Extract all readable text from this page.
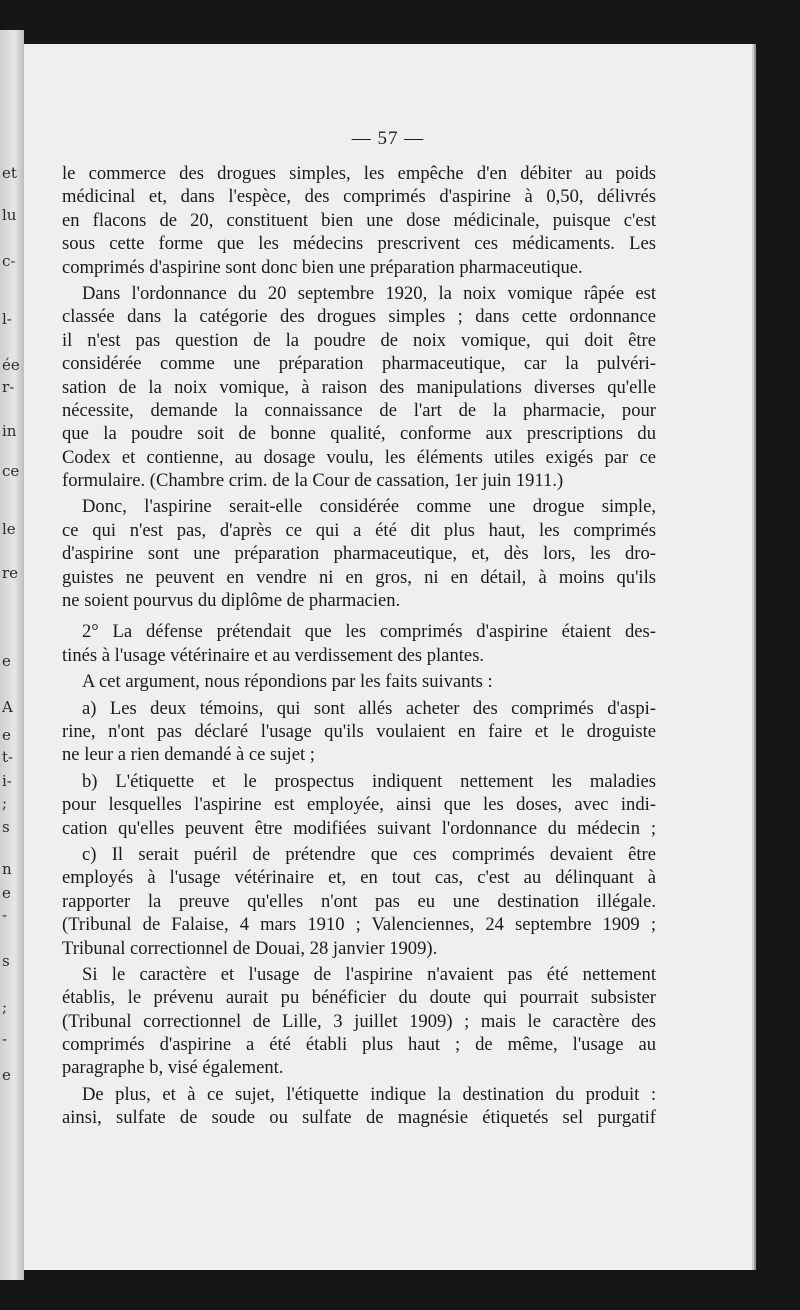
et
lu
c-
l-
ée
r-
in
ce
le
re
e
A
e
t-
i-
;
s
n
e
-
s
;
-
e
— 57 —
le commerce des drogues simples, les empêche d'en débiter au poids
médicinal et, dans l'espèce, des comprimés d'aspirine à 0,50, délivrés
en flacons de 20, constituent bien une dose médicinale, puisque c'est
sous cette forme que les médecins prescrivent ces médicaments. Les
comprimés d'aspirine sont donc bien une préparation pharmaceutique.
Dans l'ordonnance du 20 septembre 1920, la noix vomique râpée est
classée dans la catégorie des drogues simples ; dans cette ordonnance
il n'est pas question de la poudre de noix vomique, qui doit être
considérée comme une préparation pharmaceutique, car la pulvéri-
sation de la noix vomique, à raison des manipulations diverses qu'elle
nécessite, demande la connaissance de l'art de la pharmacie, pour
que la poudre soit de bonne qualité, conforme aux prescriptions du
Codex et contienne, au dosage voulu, les éléments utiles exigés par ce
formulaire. (Chambre crim. de la Cour de cassation, 1er juin 1911.)
Donc, l'aspirine serait-elle considérée comme une drogue simple,
ce qui n'est pas, d'après ce qui a été dit plus haut, les comprimés
d'aspirine sont une préparation pharmaceutique, et, dès lors, les dro-
guistes ne peuvent en vendre ni en gros, ni en détail, à moins qu'ils
ne soient pourvus du diplôme de pharmacien.
2° La défense prétendait que les comprimés d'aspirine étaient des-
tinés à l'usage vétérinaire et au verdissement des plantes.
A cet argument, nous répondions par les faits suivants :
a) Les deux témoins, qui sont allés acheter des comprimés d'aspi-
rine, n'ont pas déclaré l'usage qu'ils voulaient en faire et le droguiste
ne leur a rien demandé à ce sujet ;
b) L'étiquette et le prospectus indiquent nettement les maladies
pour lesquelles l'aspirine est employée, ainsi que les doses, avec indi-
cation qu'elles peuvent être modifiées suivant l'ordonnance du médecin ;
c) Il serait puéril de prétendre que ces comprimés devaient être
employés à l'usage vétérinaire et, en tout cas, c'est au délinquant à
rapporter la preuve qu'elles n'ont pas eu une destination illégale.
(Tribunal de Falaise, 4 mars 1910 ; Valenciennes, 24 septembre 1909 ;
Tribunal correctionnel de Douai, 28 janvier 1909).
Si le caractère et l'usage de l'aspirine n'avaient pas été nettement
établis, le prévenu aurait pu bénéficier du doute qui pourrait subsister
(Tribunal correctionnel de Lille, 3 juillet 1909) ; mais le caractère des
comprimés d'aspirine a été établi plus haut ; de même, l'usage au
paragraphe b, visé également.
De plus, et à ce sujet, l'étiquette indique la destination du produit :
ainsi, sulfate de soude ou sulfate de magnésie étiquetés sel purgatif
